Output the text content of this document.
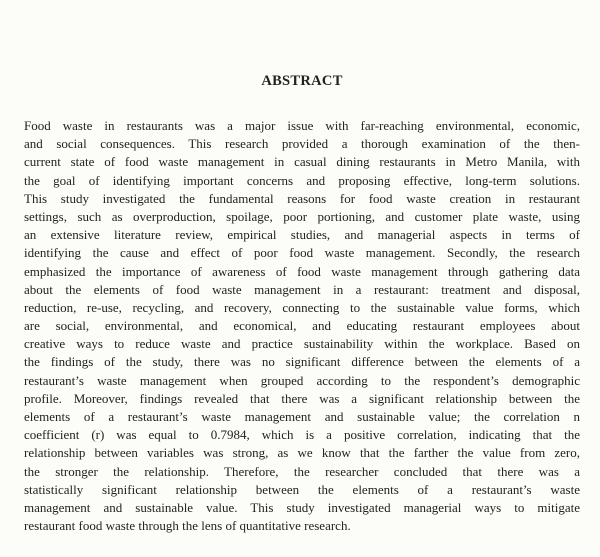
ABSTRACT
Food waste in restaurants was a major issue with far-reaching environmental, economic,
and social consequences. This research provided a thorough examination of the then-
current state of food waste management in casual dining restaurants in Metro Manila, with
the goal of identifying important concerns and proposing effective, long-term solutions.
This study investigated the fundamental reasons for food waste creation in restaurant
settings, such as overproduction, spoilage, poor portioning, and customer plate waste, using
an extensive literature review, empirical studies, and managerial aspects in terms of
identifying the cause and effect of poor food waste management. Secondly, the research
emphasized the importance of awareness of food waste management through gathering data
about the elements of food waste management in a restaurant: treatment and disposal,
reduction, re-use, recycling, and recovery, connecting to the sustainable value forms, which
are social, environmental, and economical, and educating restaurant employees about
creative ways to reduce waste and practice sustainability within the workplace. Based on
the findings of the study, there was no significant difference between the elements of a
restaurant’s waste management when grouped according to the respondent’s demographic
profile. Moreover, findings revealed that there was a significant relationship between the
elements of a restaurant’s waste management and sustainable value; the correlation n
coefficient (r) was equal to 0.7984, which is a positive correlation, indicating that the
relationship between variables was strong, as we know that the farther the value from zero,
the stronger the relationship. Therefore, the researcher concluded that there was a
statistically significant relationship between the elements of a restaurant’s waste
management and sustainable value. This study investigated managerial ways to mitigate
restaurant food waste through the lens of quantitative research.
